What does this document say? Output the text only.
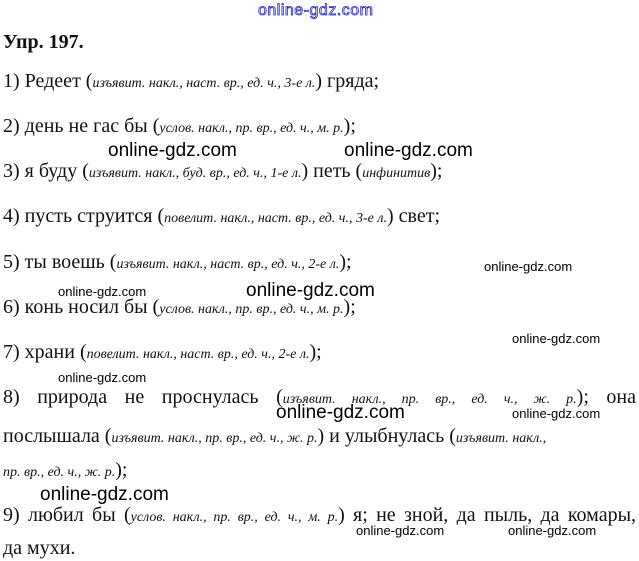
online-gdz.com
Упр. 197.
1) Редеет (изъявит. накл., наст. вр., ед. ч., 3-е л.) гряда;
2) день не гас бы (услов. накл., пр. вр., ед. ч., м. р.);
3) я буду (изъявит. накл., буд. вр., ед. ч., 1-е л.) петь (инфинитив);
4) пусть струится (повелит. накл., наст. вр., ед. ч., 3-е л.) свет;
5) ты воешь (изъявит. накл., наст. вр., ед. ч., 2-е л.);
6) конь носил бы (услов. накл., пр. вр., ед. ч., м. р.);
7) храни (повелит. накл., наст. вр., ед. ч., 2-е л.);
8) природа не проснулась (изъявит. накл., пр. вр., ед. ч., ж. р.); она
послышала (изъявит. накл., пр. вр., ед. ч., ж. р.) и улыбнулась (изъявит. накл.,
пр. вр., ед. ч., ж. р.);
9) любил бы (услов. накл., пр. вр., ед. ч., м. р.) я; не зной, да пыль, да комары,
да мухи.
online-gdz.com	online-gdz.com
online-gdz.com
online-gdz.com	online-gdz.com
online-gdz.com
online-gdz.com
online-gdz.com	online-gdz.com
online-gdz.com
online-gdz.com	online-gdz.com
